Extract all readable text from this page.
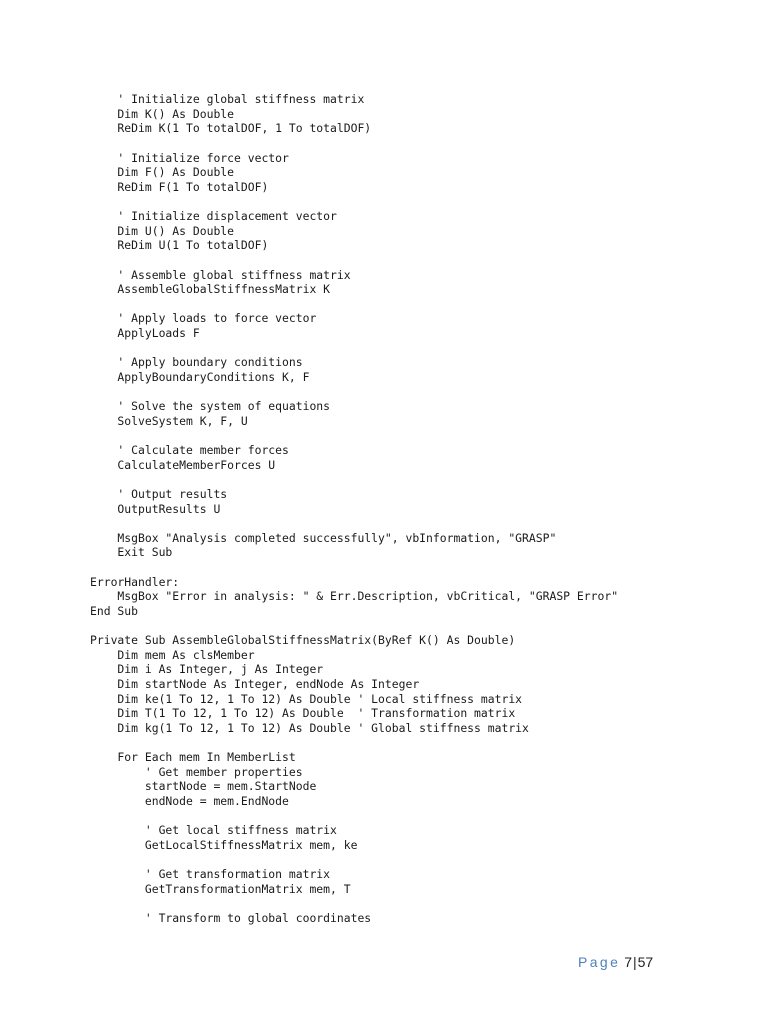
' Initialize global stiffness matrix
Dim K() As Double
ReDim K(1 To totalDOF, 1 To totalDOF)
' Initialize force vector
Dim F() As Double
ReDim F(1 To totalDOF)
' Initialize displacement vector
Dim U() As Double
ReDim U(1 To totalDOF)
' Assemble global stiffness matrix
AssembleGlobalStiffnessMatrix K
' Apply loads to force vector
ApplyLoads F
' Apply boundary conditions
ApplyBoundaryConditions K, F
' Solve the system of equations
SolveSystem K, F, U
' Calculate member forces
CalculateMemberForces U
' Output results
OutputResults U
MsgBox "Analysis completed successfully", vbInformation, "GRASP"
Exit Sub
ErrorHandler:
MsgBox "Error in analysis: " & Err.Description, vbCritical, "GRASP Error"
End Sub
Private Sub AssembleGlobalStiffnessMatrix(ByRef K() As Double)
Dim mem As clsMember
Dim i As Integer, j As Integer
Dim startNode As Integer, endNode As Integer
Dim ke(1 To 12, 1 To 12) As Double ' Local stiffness matrix
Dim T(1 To 12, 1 To 12) As Double  ' Transformation matrix
Dim kg(1 To 12, 1 To 12) As Double ' Global stiffness matrix
For Each mem In MemberList
' Get member properties
startNode = mem.StartNode
endNode = mem.EndNode
' Get local stiffness matrix
GetLocalStiffnessMatrix mem, ke
' Get transformation matrix
GetTransformationMatrix mem, T
' Transform to global coordinates
Page 7|57
